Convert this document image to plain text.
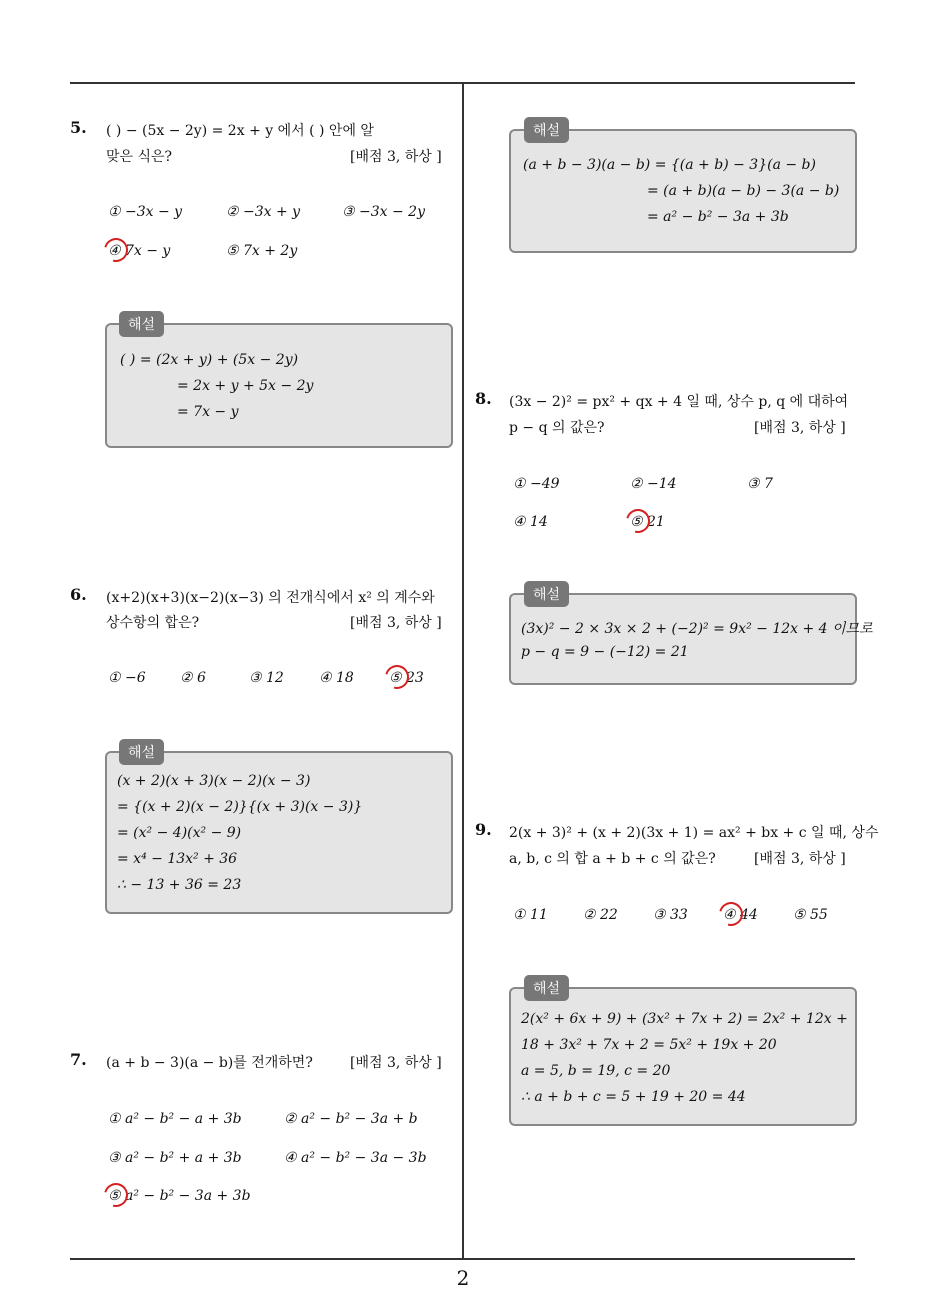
5. ( ) − (5x − 2y) = 2x + y 에서 ( ) 안에 알
맞은 식은?	[배점 3, 하상 ]
① −3x − y	② −3x + y	③ −3x − 2y
④ 7x − y	⑤ 7x + 2y
해설
( ) = (2x + y) + (5x − 2y)
= 2x + y + 5x − 2y
= 7x − y
6. (x+2)(x+3)(x−2)(x−3) 의 전개식에서 x² 의 계수와
상수항의 합은?	[배점 3, 하상 ]
① −6 ② 6	③ 12	④ 18	⑤ 23
해설
(x + 2)(x + 3)(x − 2)(x − 3)
= {(x + 2)(x − 2)}{(x + 3)(x − 3)}
= (x² − 4)(x² − 9)
= x⁴ − 13x² + 36
∴ − 13 + 36 = 23
7. (a + b − 3)(a − b)를 전개하면?	[배점 3, 하상 ]
① a² − b² − a + 3b	② a² − b² − 3a + b
③ a² − b² + a + 3b	④ a² − b² − 3a − 3b
⑤ a² − b² − 3a + 3b
해설
(a + b − 3)(a − b) = {(a + b) − 3}(a − b)
= (a + b)(a − b) − 3(a − b)
= a² − b² − 3a + 3b
8. (3x − 2)² = px² + qx + 4 일 때, 상수 p, q 에 대하여
p − q 의 값은?	[배점 3, 하상 ]
① −49	② −14	③ 7
④ 14	⑤ 21
해설
(3x)² − 2 × 3x × 2 + (−2)² = 9x² − 12x + 4 이므로
p − q = 9 − (−12) = 21
9. 2(x + 3)² + (x + 2)(3x + 1) = ax² + bx + c 일 때, 상수
a, b, c 의 합 a + b + c 의 값은?	[배점 3, 하상 ]
① 11	② 22	③ 33	④ 44	⑤ 55
해설
2(x² + 6x + 9) + (3x² + 7x + 2) = 2x² + 12x +
18 + 3x² + 7x + 2 = 5x² + 19x + 20
a = 5, b = 19, c = 20
∴ a + b + c = 5 + 19 + 20 = 44
2
